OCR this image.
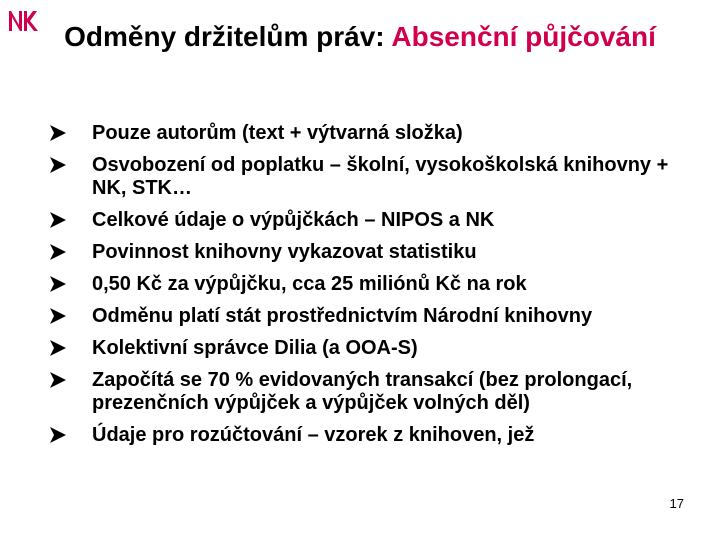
Odměny držitelům práv: Absenční půjčování
Pouze autorům (text + výtvarná složka)
Osvobození od poplatku – školní, vysokoškolská knihovny + NK, STK…
Celkové údaje o výpůjčkách – NIPOS a NK
Povinnost knihovny vykazovat statistiku
0,50 Kč za výpůjčku, cca 25 miliónů Kč na rok
Odměnu platí stát prostřednictvím Národní knihovny
Kolektivní správce Dilia (a OOA-S)
Započítá se 70 % evidovaných transakcí (bez prolongací, prezenčních výpůjček a výpůjček volných děl)
Údaje pro rozúčtování – vzorek z knihoven, jež
17
